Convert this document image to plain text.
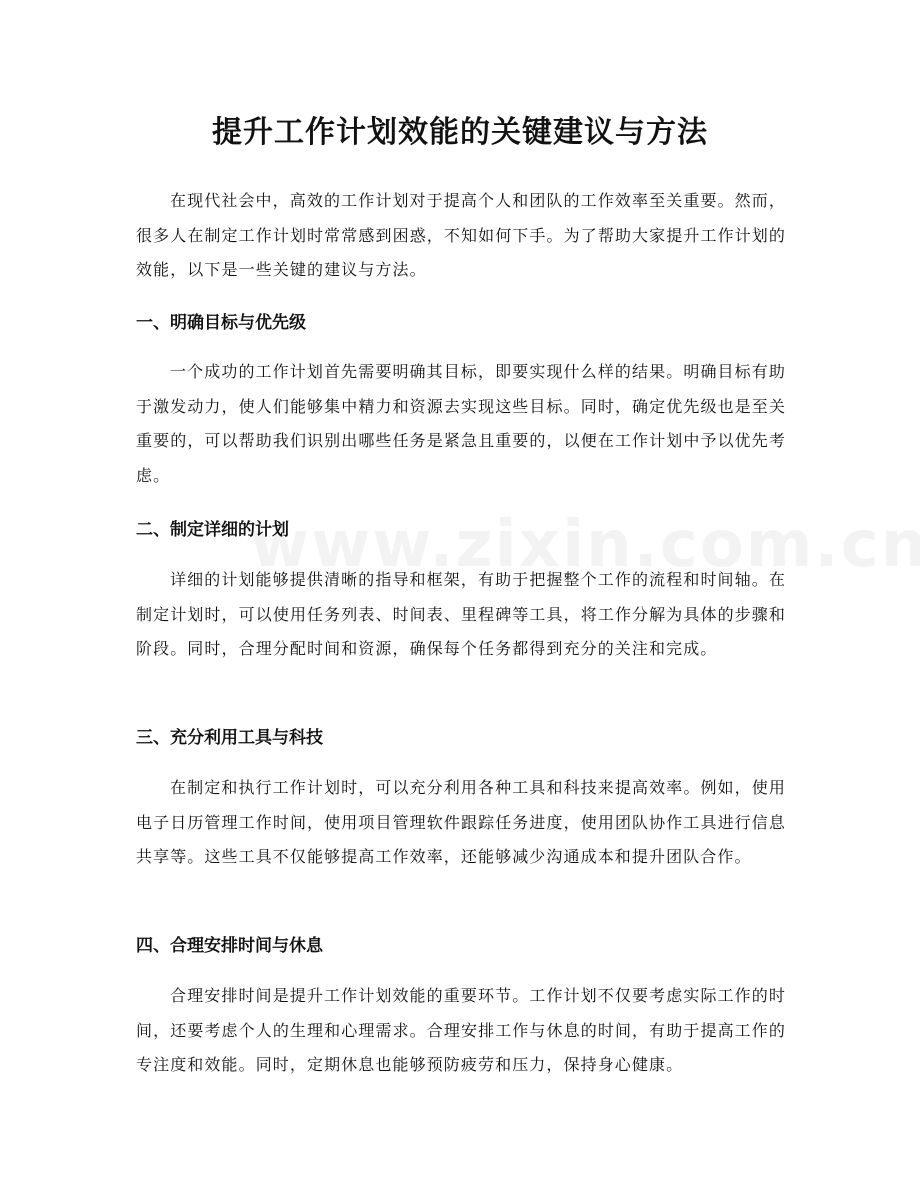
提升工作计划效能的关键建议与方法

在现代社会中，高效的工作计划对于提高个人和团队的工作效率至关重要。然而，很多人在制定工作计划时常常感到困惑，不知如何下手。为了帮助大家提升工作计划的效能，以下是一些关键的建议与方法。

一、明确目标与优先级

一个成功的工作计划首先需要明确其目标，即要实现什么样的结果。明确目标有助于激发动力，使人们能够集中精力和资源去实现这些目标。同时，确定优先级也是至关重要的，可以帮助我们识别出哪些任务是紧急且重要的，以便在工作计划中予以优先考虑。

二、制定详细的计划

详细的计划能够提供清晰的指导和框架，有助于把握整个工作的流程和时间轴。在制定计划时，可以使用任务列表、时间表、里程碑等工具，将工作分解为具体的步骤和阶段。同时，合理分配时间和资源，确保每个任务都得到充分的关注和完成。

三、充分利用工具与科技

在制定和执行工作计划时，可以充分利用各种工具和科技来提高效率。例如，使用电子日历管理工作时间，使用项目管理软件跟踪任务进度，使用团队协作工具进行信息共享等。这些工具不仅能够提高工作效率，还能够减少沟通成本和提升团队合作。

四、合理安排时间与休息

合理安排时间是提升工作计划效能的重要环节。工作计划不仅要考虑实际工作的时间，还要考虑个人的生理和心理需求。合理安排工作与休息的时间，有助于提高工作的专注度和效能。同时，定期休息也能够预防疲劳和压力，保持身心健康。
